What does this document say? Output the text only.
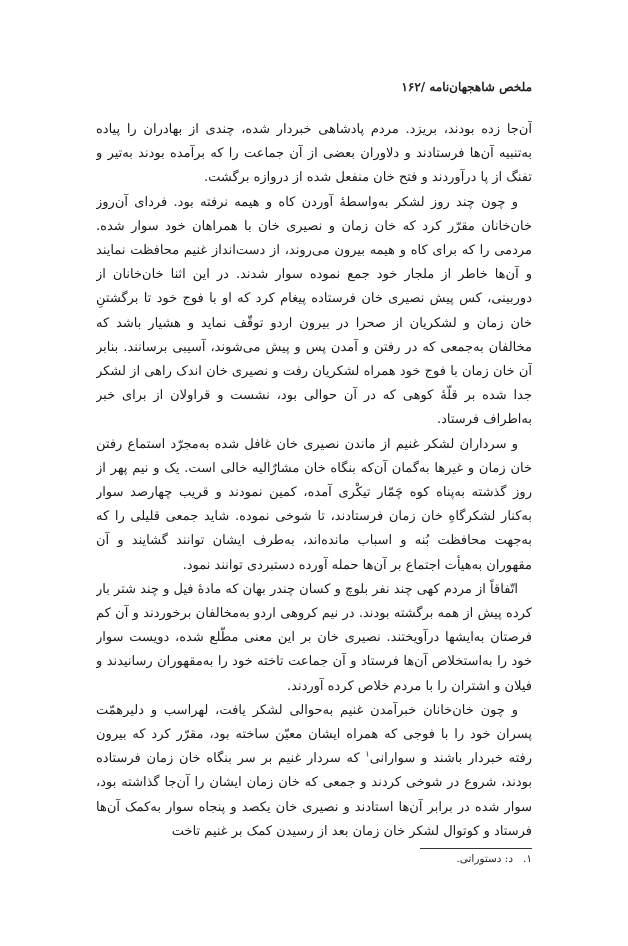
ملخص شاهجهان‌نامه /۱۶۲

آن‌جا زده بودند، بریزد. مردم پادشاهی خبردار شده، چندی از بهادران را پیاده به‌تنبیه آن‌ها فرستادند و دلاوران بعضی از آن جماعت را که برآمده بودند به‌تیر و تفنگ از پا درآوردند و فتح خان منفعل شده از دروازه برگشت.

و چون چند روز لشکر به‌واسطهٔ آوردن کاه و هیمه نرفته بود. فردای آن‌روز خان‌خانان مقرّر کرد که خان زمان و نصیری خان با همراهان خود سوار شده. مردمی را که برای کاه و هیمه بیرون می‌روند، از دست‌انداز غنیم محافظت نمایند و آن‌ها خاطر از ملجار خود جمع نموده سوار شدند. در این اثنا خان‌خانان از دوربینی، کس پیش نصیری خان فرستاده پیغام کرد که او با فوج خود تا برگشتنِ خان زمان و لشکریان از صحرا در بیرون اردو توقّف نماید و هشیار باشد که مخالفان به‌جمعی که در رفتن و آمدن پس و پیش می‌شوند، آسیبی برسانند. بنابر آن خان زمان با فوج خود همراه لشکریان رفت و نصیری خان اندک راهی از لشکر جدا شده بر قلّهٔ کوهی که در آن حوالی بود، نشست و قراولان از برای خبر به‌اطراف فرستاد.

و سرداران لشکر غنیم از ماندن نصیری خان غافل شده به‌مجرّد استماع رفتن خان زمان و غیرها به‌گمان آن‌که بنگاه خان مشارٌالیه خالی است. یک و نیم پهر از روز گذشته به‌پناه کوه چَمّار تیکْری آمده، کمین نمودند و قریب چهارصد سوار به‌کنار لشکرگاهِ خان زمان فرستادند، تا شوخی نموده. شاید جمعی قلیلی را که به‌جهت محافظت بُنه و اسباب مانده‌اند، به‌طرف ایشان توانند گشایند و آن مقهوران به‌هیأت اجتماع بر آن‌ها حمله آورده دستبردی توانند نمود.

اتّفاقاً از مردم کهی چند نفر بلوچ و کسان چندر بهان که مادهٔ فیل و چند شتر بار کرده پیش از همه برگشته بودند. در نیم کروهی اردو به‌مخالفان برخوردند و آن کم فرصتان به‌ایشها درآویختند. نصیری خان بر این معنی مطّلع شده، دویست سوار خود را به‌استخلاص آن‌ها فرستاد و آن جماعت تاخته خود را به‌مقهوران رسانیدند و فیلان و اشتران را با مردم خلاص کرده آوردند.

و چون خان‌خانان خبرآمدن غنیم به‌حوالی لشکر یافت، لهراسب و دلیرهمّت پسران خود را با فوجی که همراه ایشان معیّن ساخته بود، مقرّر کرد که بیرون رفته خبردار باشند و سوارانی$^۱$ که سردار غنیم بر سر بنگاه خان زمان فرستاده بودند، شروع در شوخی کردند و جمعی که خان زمان ایشان را آن‌جا گذاشته بود، سوار شده در برابر آن‌ها استادند و نصیری خان یکصد و پنجاه سوار به‌کمک آن‌ها فرستاد و کوتوال لشکر خان زمان بعد از رسیدن کمک بر غنیم تاخت

۱.د: دستوراتی.
